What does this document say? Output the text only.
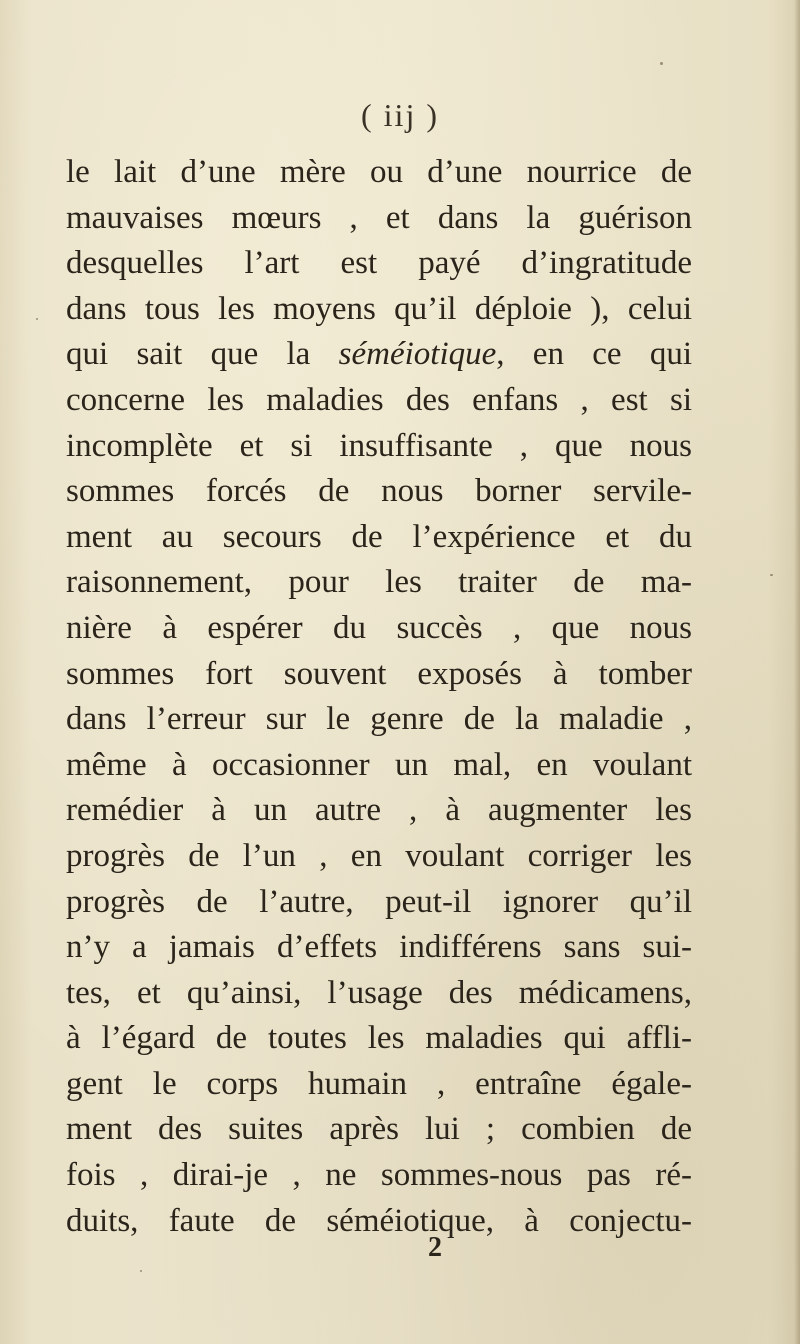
( iij )
le lait d’une mère ou d’une nourrice de
mauvaises mœurs , et dans la guérison
desquelles l’art est payé d’ingratitude
dans tous les moyens qu’il déploie ), celui
qui sait que la séméiotique, en ce qui
concerne les maladies des enfans , est si
incomplète et si insuffisante , que nous
sommes forcés de nous borner servile-
ment au secours de l’expérience et du
raisonnement, pour les traiter de ma-
nière à espérer du succès , que nous
sommes fort souvent exposés à tomber
dans l’erreur sur le genre de la maladie ,
même à occasionner un mal, en voulant
remédier à un autre , à augmenter les
progrès de l’un , en voulant corriger les
progrès de l’autre, peut-il ignorer qu’il
n’y a jamais d’effets indifférens sans sui-
tes, et qu’ainsi, l’usage des médicamens,
à l’égard de toutes les maladies qui affli-
gent le corps humain , entraîne égale-
ment des suites après lui ; combien de
fois , dirai-je , ne sommes-nous pas ré-
duits, faute de séméiotique, à conjectu-
2
